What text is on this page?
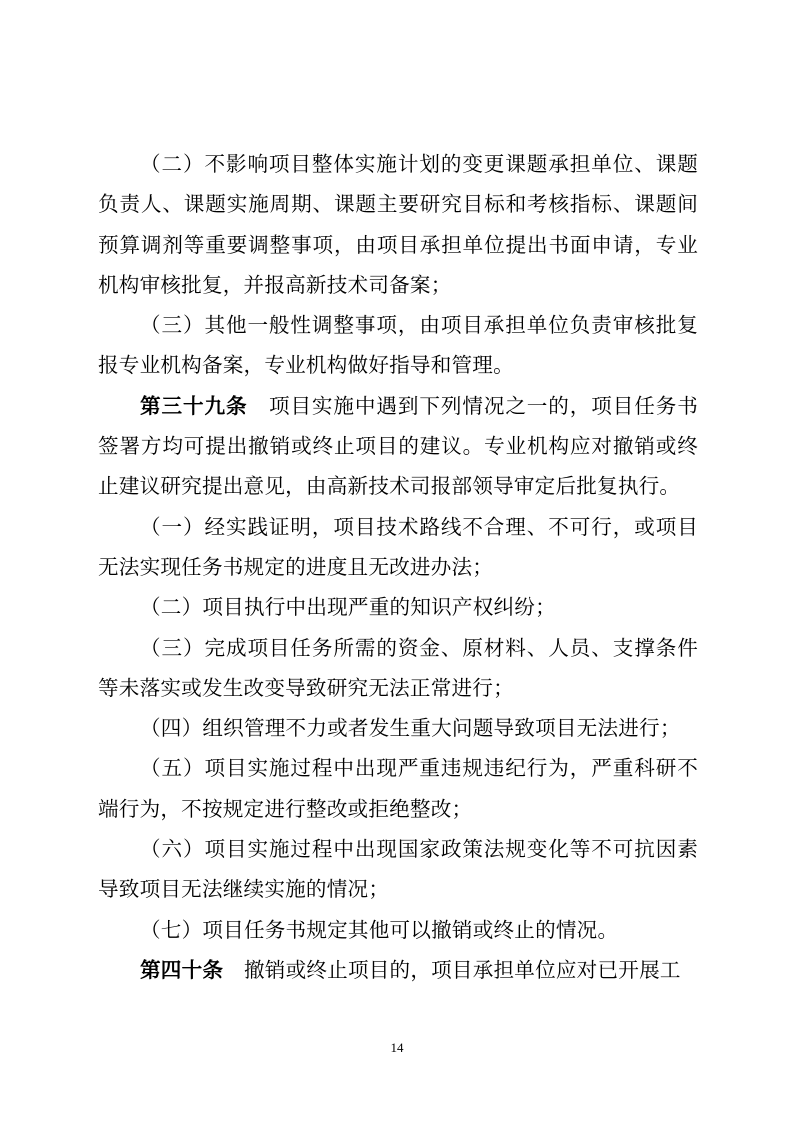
（二）不影响项目整体实施计划的变更课题承担单位、课题负责人、课题实施周期、课题主要研究目标和考核指标、课题间预算调剂等重要调整事项，由项目承担单位提出书面申请，专业机构审核批复，并报高新技术司备案；

（三）其他一般性调整事项，由项目承担单位负责审核批复报专业机构备案，专业机构做好指导和管理。

第三十九条　 项目实施中遇到下列情况之一的，项目任务书签署方均可提出撤销或终止项目的建议。专业机构应对撤销或终止建议研究提出意见，由高新技术司报部领导审定后批复执行。

（一）经实践证明，项目技术路线不合理、不可行，或项目无法实现任务书规定的进度且无改进办法；

（二）项目执行中出现严重的知识产权纠纷；

（三）完成项目任务所需的资金、原材料、人员、支撑条件等未落实或发生改变导致研究无法正常进行；

（四）组织管理不力或者发生重大问题导致项目无法进行；

（五）项目实施过程中出现严重违规违纪行为，严重科研不端行为，不按规定进行整改或拒绝整改；

（六）项目实施过程中出现国家政策法规变化等不可抗因素导致项目无法继续实施的情况；

（七）项目任务书规定其他可以撤销或终止的情况。

第四十条　 撤销或终止项目的，项目承担单位应对已开展工

14
